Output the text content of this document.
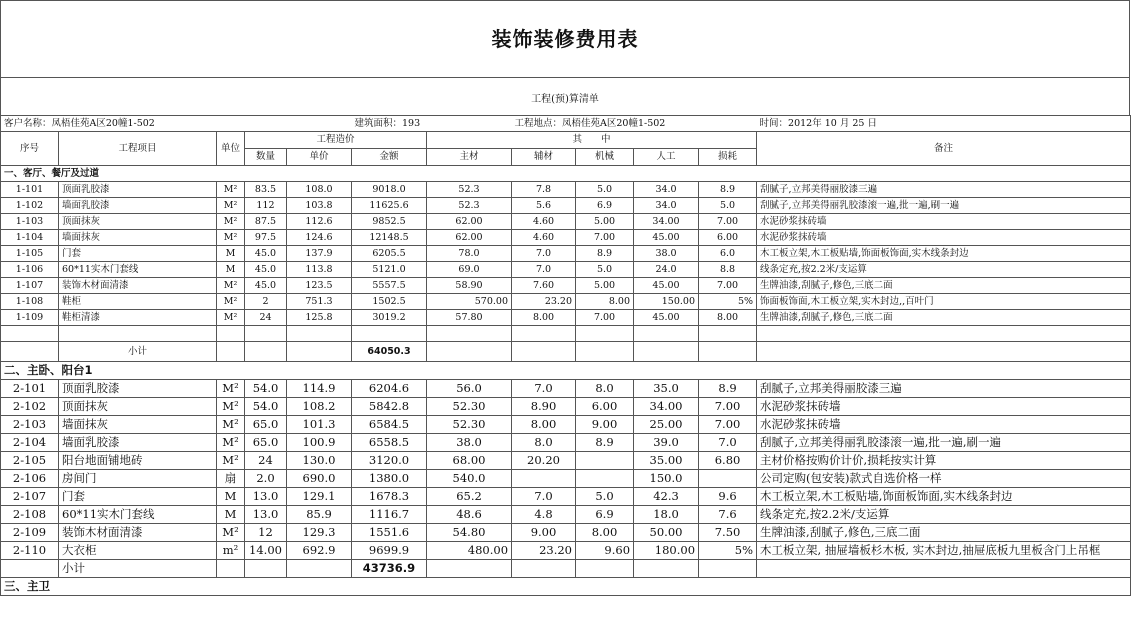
装饰装修费用表
工程(预)算清单
客户名称：凤梧佳苑A区20幢1-502					建筑面积：193		工程地点：凤梧佳苑A区20幢1-502				时间：2012年 10 月 25 日
序号	工程项目	单位	工程造价			其　　中					备注
			数量	单价	金额	主材	辅材	机械	人工	损耗	
一、客厅、餐厅及过道											
1-101	顶面乳胶漆	M²	83.5	108.0	9018.0	52.3	7.8	5.0	34.0	8.9	刮腻子,立邦美得丽胶漆三遍
1-102	墙面乳胶漆	M²	112	103.8	11625.6	52.3	5.6	6.9	34.0	5.0	刮腻子,立邦美得丽乳胶漆滚一遍,批一遍,刷一遍
1-103	顶面抹灰	M²	87.5	112.6	9852.5	62.00	4.60	5.00	34.00	7.00	水泥砂浆抹砖墙
1-104	墙面抹灰	M²	97.5	124.6	12148.5	62.00	4.60	7.00	45.00	6.00	水泥砂浆抹砖墙
1-105	门套	M	45.0	137.9	6205.5	78.0	7.0	8.9	38.0	6.0	木工板立架,木工板贴墙,饰面板饰面,实木线条封边
1-106	60*11实木门套线	M	45.0	113.8	5121.0	69.0	7.0	5.0	24.0	8.8	线条定充,按2.2米/支运算
1-107	装饰木材面清漆	M²	45.0	123.5	5557.5	58.90	7.60	5.00	45.00	7.00	生牌油漆,刮腻子,修色,三底二面
1-108	鞋柜	M²	2	751.3	1502.5	570.00	23.20	8.00	150.00	5%	饰面板饰面,木工板立架,实木封边,,百叶门
1-109	鞋柜清漆	M²	24	125.8	3019.2	57.80	8.00	7.00	45.00	8.00	生牌油漆,刮腻子,修色,三底二面

	小计				64050.3						
二、主卧、阳台1											
2-101	顶面乳胶漆	M²	54.0	114.9	6204.6	56.0	7.0	8.0	35.0	8.9	刮腻子,立邦美得丽胶漆三遍
2-102	顶面抹灰	M²	54.0	108.2	5842.8	52.30	8.90	6.00	34.00	7.00	水泥砂浆抹砖墙
2-103	墙面抹灰	M²	65.0	101.3	6584.5	52.30	8.00	9.00	25.00	7.00	水泥砂浆抹砖墙
2-104	墙面乳胶漆	M²	65.0	100.9	6558.5	38.0	8.0	8.9	39.0	7.0	刮腻子,立邦美得丽乳胶漆滚一遍,批一遍,刷一遍
2-105	阳台地面铺地砖	M²	24	130.0	3120.0	68.00	20.20		35.00	6.80	主材价格按购价计价,损耗按实计算
2-106	房间门	扇	2.0	690.0	1380.0	540.0			150.0		公司定购(包安装)款式自选价格一样
2-107	门套	M	13.0	129.1	1678.3	65.2	7.0	5.0	42.3	9.6	木工板立架,木工板贴墙,饰面板饰面,实木线条封边
2-108	60*11实木门套线	M	13.0	85.9	1116.7	48.6	4.8	6.9	18.0	7.6	线条定充,按2.2米/支运算
2-109	装饰木材面清漆	M²	12	129.3	1551.6	54.80	9.00	8.00	50.00	7.50	生牌油漆,刮腻子,修色,三底二面
2-110	大衣柜	m²	14.00	692.9	9699.9	480.00	23.20	9.60	180.00	5%	木工板立架, 抽屉墙板杉木板, 实木封边,抽屉底板九里板含门上吊框
	小计				43736.9						
三、主卫											
